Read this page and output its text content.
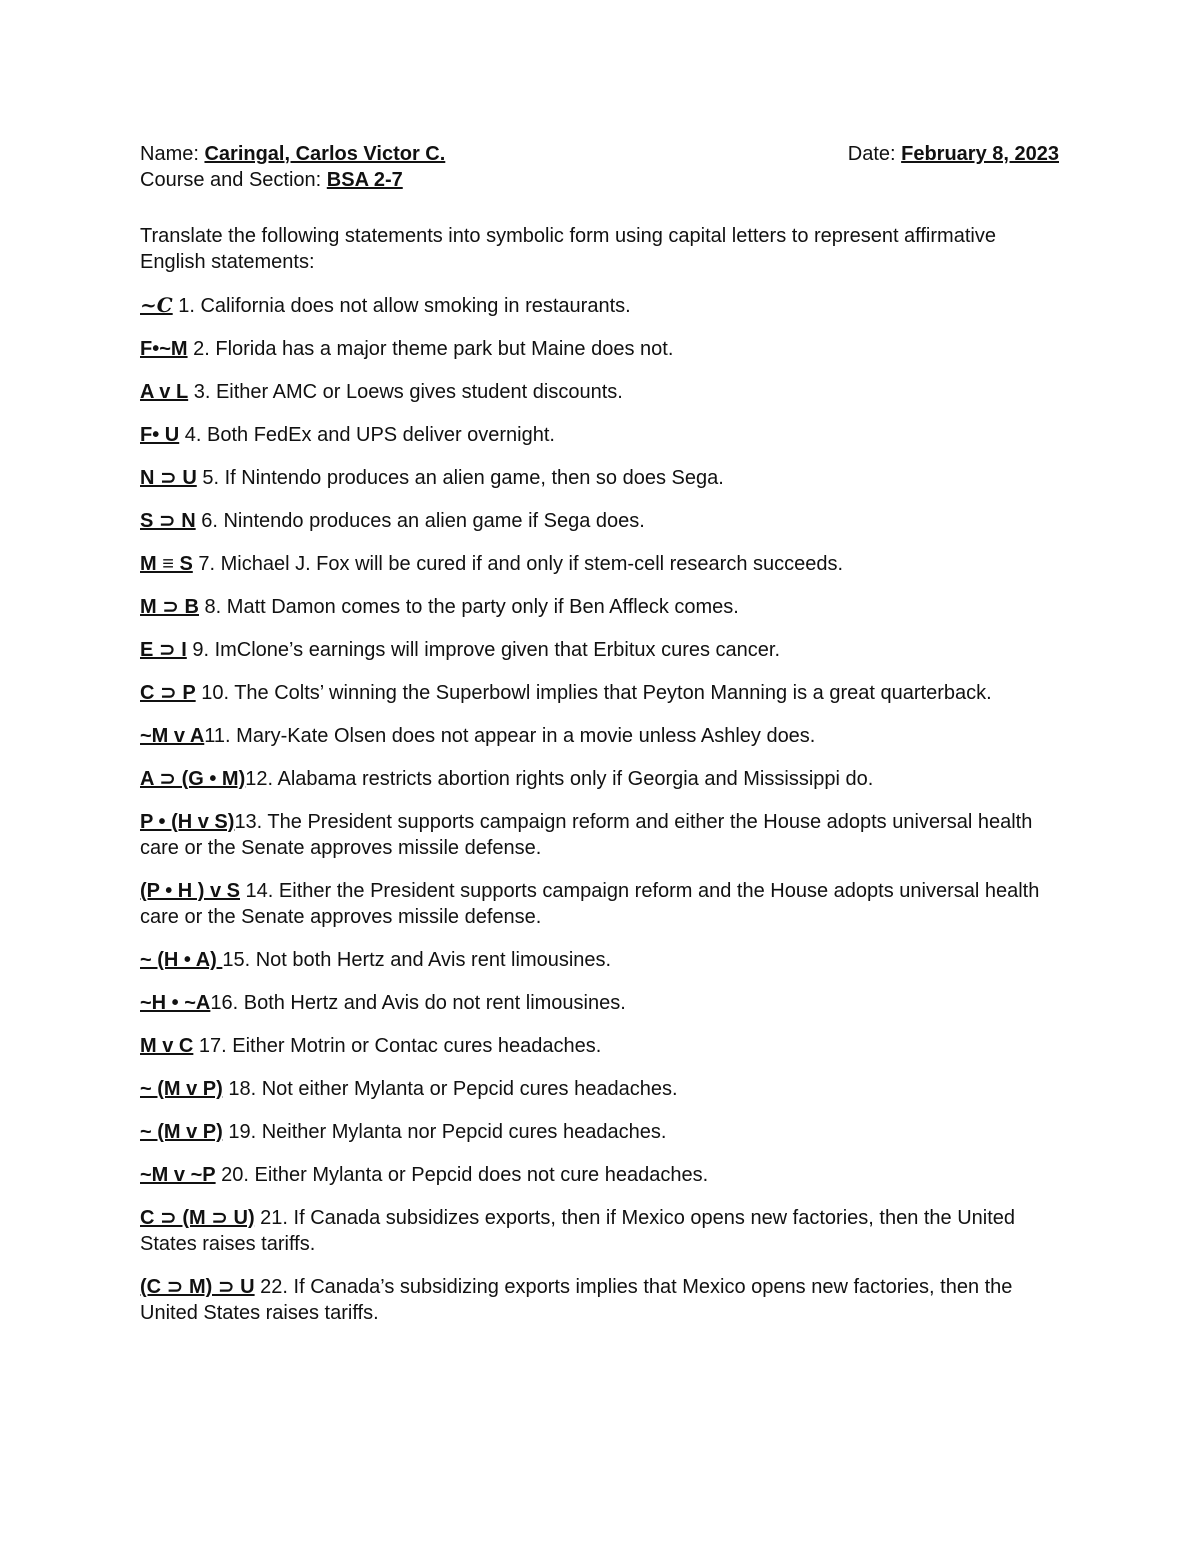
Name: Caringal, Carlos Victor C.	Date: February 8, 2023
Course and Section: BSA 2-7
Translate the following statements into symbolic form using capital letters to represent affirmative English statements:
~C 1. California does not allow smoking in restaurants.
F•~M 2. Florida has a major theme park but Maine does not.
A v L 3. Either AMC or Loews gives student discounts.
F• U 4. Both FedEx and UPS deliver overnight.
N ⊃ U 5. If Nintendo produces an alien game, then so does Sega.
S ⊃ N 6. Nintendo produces an alien game if Sega does.
M ≡ S 7. Michael J. Fox will be cured if and only if stem-cell research succeeds.
M ⊃ B 8. Matt Damon comes to the party only if Ben Affleck comes.
E ⊃ I 9. ImClone’s earnings will improve given that Erbitux cures cancer.
C ⊃ P 10. The Colts’ winning the Superbowl implies that Peyton Manning is a great quarterback.
~M v A11. Mary-Kate Olsen does not appear in a movie unless Ashley does.
A ⊃ (G • M)12. Alabama restricts abortion rights only if Georgia and Mississippi do.
P • (H v S)13. The President supports campaign reform and either the House adopts universal health care or the Senate approves missile defense.
(P • H ) v S 14. Either the President supports campaign reform and the House adopts universal health care or the Senate approves missile defense.
~ (H • A) 15. Not both Hertz and Avis rent limousines.
~H • ~A16. Both Hertz and Avis do not rent limousines.
M v C 17. Either Motrin or Contac cures headaches.
~ (M v P) 18. Not either Mylanta or Pepcid cures headaches.
~ (M v P) 19. Neither Mylanta nor Pepcid cures headaches.
~M v ~P 20. Either Mylanta or Pepcid does not cure headaches.
C ⊃ (M ⊃ U) 21. If Canada subsidizes exports, then if Mexico opens new factories, then the United States raises tariffs.
(C ⊃ M) ⊃ U 22. If Canada’s subsidizing exports implies that Mexico opens new factories, then the United States raises tariffs.
